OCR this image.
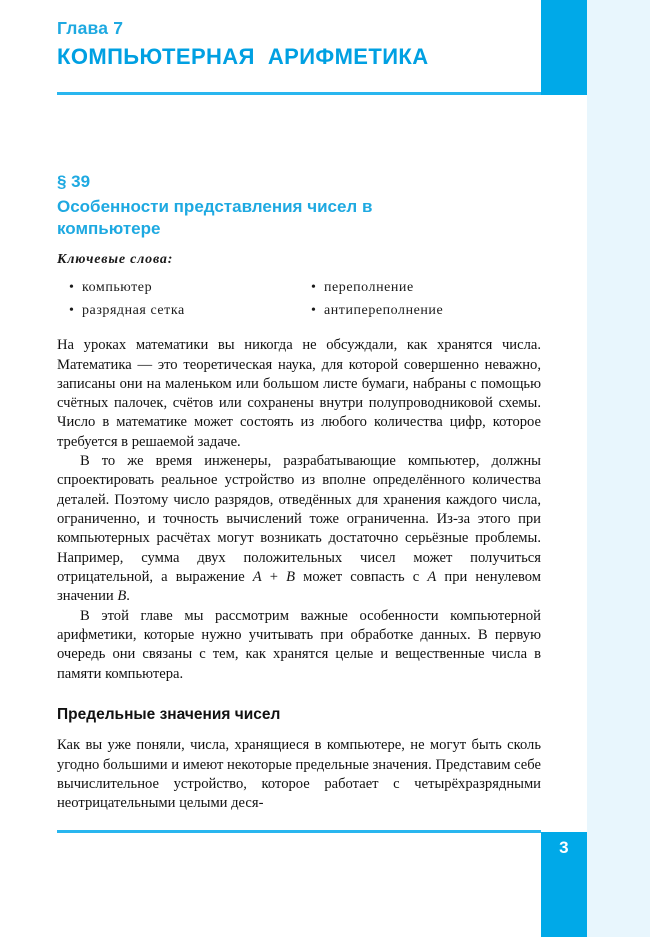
3
Глава 7
КОМПЬЮТЕРНАЯ  АРИФМЕТИКА
§ 39
Особенности представления чисел в компьютере
Ключевые слова:
• компьютер
• разрядная сетка
• переполнение
• антипереполнение

На уроках математики вы никогда не обсуждали, как хранятся числа. Математика — это теоретическая наука, для которой совершенно неважно, записаны они на маленьком или большом листе бумаги, набраны с помощью счётных палочек, счётов или сохранены внутри полупроводниковой схемы. Число в математике может состоять из любого количества цифр, которое требуется в решаемой задаче.

В то же время инженеры, разрабатывающие компьютер, должны спроектировать реальное устройство из вполне определённого количества деталей. Поэтому число разрядов, отведённых для хранения каждого числа, ограниченно, и точность вычислений тоже ограниченна. Из-за этого при компьютерных расчётах могут возникать достаточно серьёзные проблемы. Например, сумма двух положительных чисел может получиться отрицательной, а выражение A + B может совпасть с A при ненулевом значении B.

В этой главе мы рассмотрим важные особенности компьютерной арифметики, которые нужно учитывать при обработке данных. В первую очередь они связаны с тем, как хранятся целые и вещественные числа в памяти компьютера.

Предельные значения чисел

Как вы уже поняли, числа, хранящиеся в компьютере, не могут быть сколь угодно большими и имеют некоторые предельные значения. Представим себе вычислительное устройство, которое работает с четырёхразрядными неотрицательными целыми деся-
